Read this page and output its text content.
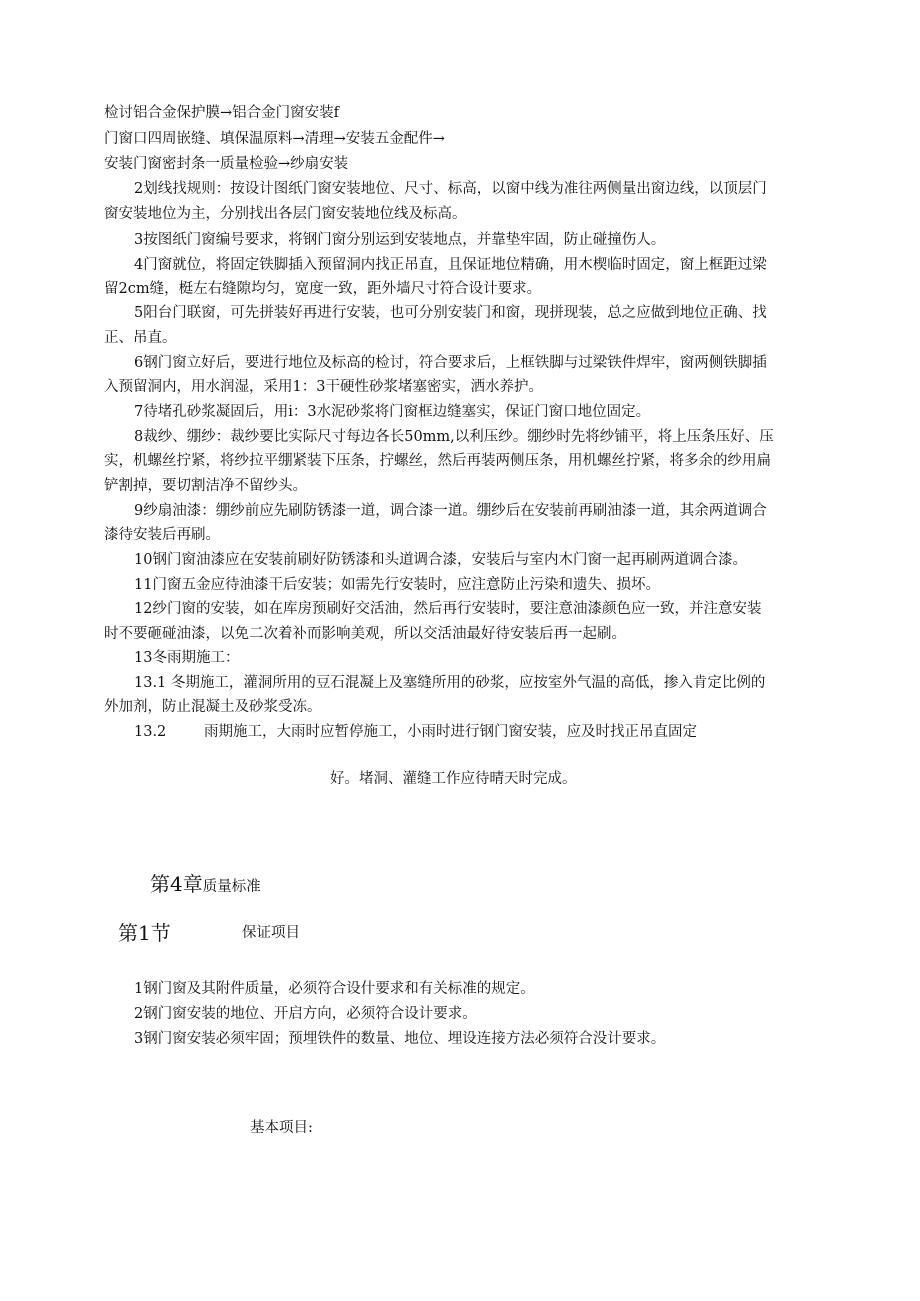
检讨铝合金保护膜→铝合金门窗安装f
门窗口四周嵌缝、填保温原料→清理→安装五金配件→
安装门窗密封条一质量检验→纱扇安装
2划线找规则：按设计图纸门窗安装地位、尺寸、标高，以窗中线为准往两侧量出窗边线，以顶层门
窗安装地位为主，分别找出各层门窗安装地位线及标高。
3按图纸门窗编号要求，将钢门窗分别运到安装地点，并靠垫牢固，防止碰撞伤人。
4门窗就位，将固定铁脚插入预留洞内找正吊直，且保证地位精确，用木楔临时固定，窗上框距过梁
留2cm缝，梃左右缝隙均匀，宽度一致，距外墙尺寸符合设计要求。
5阳台门联窗，可先拼装好再进行安装，也可分别安装门和窗，现拼现装，总之应做到地位正确、找
正、吊直。
6钢门窗立好后，要进行地位及标高的检讨，符合要求后，上框铁脚与过梁铁件焊牢，窗两侧铁脚插
入预留洞内，用水润湿，采用1：3干硬性砂浆堵塞密实，洒水养护。
7待堵孔砂浆凝固后，用i：3水泥砂浆将门窗框边缝塞实，保证门窗口地位固定。
8裁纱、绷纱：裁纱要比实际尺寸每边各长50mm,以利压纱。绷纱时先将纱铺平，将上压条压好、压
实，机螺丝拧紧，将纱拉平绷紧装下压条，拧螺丝，然后再装两侧压条，用机螺丝拧紧，将多余的纱用扁
铲割掉，要切割洁净不留纱头。
9纱扇油漆：绷纱前应先刷防锈漆一道，调合漆一道。绷纱后在安装前再刷油漆一道，其余两道调合
漆待安装后再刷。
10钢门窗油漆应在安装前刷好防锈漆和头道调合漆，安装后与室内木门窗一起再刷两道调合漆。
11门窗五金应待油漆干后安装；如需先行安装时，应注意防止污染和遗失、损坏。
12纱门窗的安装，如在库房预刷好交活油，然后再行安装时，要注意油漆颜色应一致，并注意安装
时不要砸碰油漆，以免二次着补而影响美观，所以交活油最好待安装后再一起刷。
13冬雨期施工：
13.1 冬期施工，灌洞所用的豆石混凝上及塞缝所用的砂浆，应按室外气温的高低，掺入肯定比例的
外加剂，防止混凝土及砂浆受冻。
13.2	雨期施工，大雨时应暂停施工，小雨时进行钢门窗安装，应及时找正吊直固定
好。堵洞、灌缝工作应待晴天时完成。
第4章质量标准
第1节	保证项目
1钢门窗及其附件质量，必须符合设什要求和有关标准的规定。
2钢门窗安装的地位、开启方向，必须符合设计要求。
3钢门窗安装必须牢固；预埋铁件的数量、地位、埋设连接方法必须符合没计要求。
基本项目:
